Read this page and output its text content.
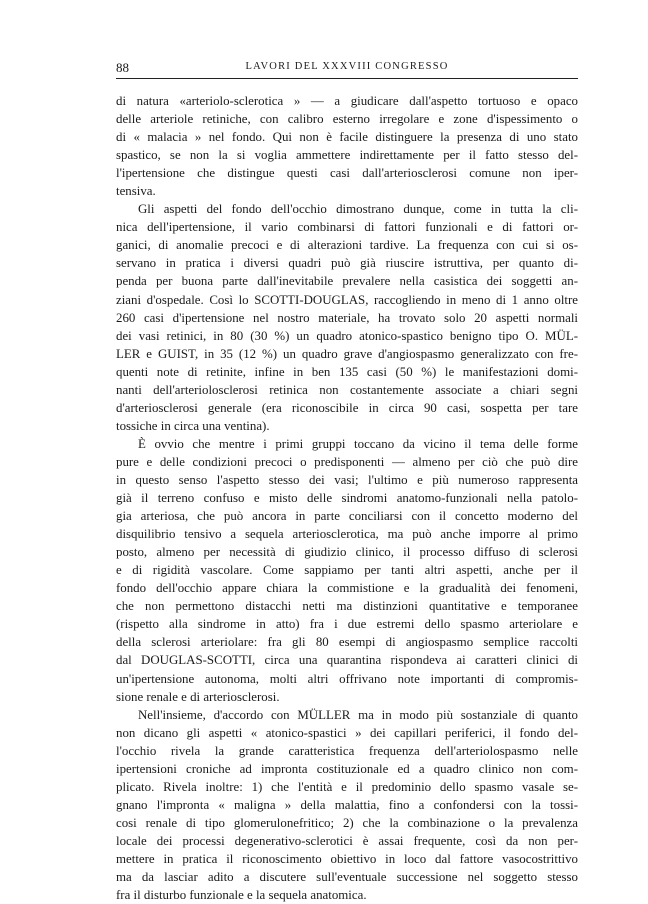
88	LAVORI DEL XXXVIII CONGRESSO
di natura «arteriolo-sclerotica » — a giudicare dall'aspetto tortuoso e opaco
delle arteriole retiniche, con calibro esterno irregolare e zone d'ispessimento o
di « malacia » nel fondo. Qui non è facile distinguere la presenza di uno stato
spastico, se non la si voglia ammettere indirettamente per il fatto stesso del-
l'ipertensione che distingue questi casi dall'arteriosclerosi comune non iper-
tensiva.
Gli aspetti del fondo dell'occhio dimostrano dunque, come in tutta la cli-
nica dell'ipertensione, il vario combinarsi di fattori funzionali e di fattori or-
ganici, di anomalie precoci e di alterazioni tardive. La frequenza con cui si os-
servano in pratica i diversi quadri può già riuscire istruttiva, per quanto di-
penda per buona parte dall'inevitabile prevalere nella casistica dei soggetti an-
ziani d'ospedale. Così lo SCOTTI-DOUGLAS, raccogliendo in meno di 1 anno oltre
260 casi d'ipertensione nel nostro materiale, ha trovato solo 20 aspetti normali
dei vasi retinici, in 80 (30 %) un quadro atonico-spastico benigno tipo O. MÜL-
LER e GUIST, in 35 (12 %) un quadro grave d'angiospasmo generalizzato con fre-
quenti note di retinite, infine in ben 135 casi (50 %) le manifestazioni domi-
nanti dell'arteriolosclerosi retinica non costantemente associate a chiari segni
d'arteriosclerosi generale (era riconoscibile in circa 90 casi, sospetta per tare
tossiche in circa una ventina).
È ovvio che mentre i primi gruppi toccano da vicino il tema delle forme
pure e delle condizioni precoci o predisponenti — almeno per ciò che può dire
in questo senso l'aspetto stesso dei vasi; l'ultimo e più numeroso rappresenta
già il terreno confuso e misto delle sindromi anatomo-funzionali nella patolo-
gia arteriosa, che può ancora in parte conciliarsi con il concetto moderno del
disquilibrio tensivo a sequela arteriosclerotica, ma può anche imporre al primo
posto, almeno per necessità di giudizio clinico, il processo diffuso di sclerosi
e di rigidità vascolare. Come sappiamo per tanti altri aspetti, anche per il
fondo dell'occhio appare chiara la commistione e la gradualità dei fenomeni,
che non permettono distacchi netti ma distinzioni quantitative e temporanee
(rispetto alla sindrome in atto) fra i due estremi dello spasmo arteriolare e
della sclerosi arteriolare: fra gli 80 esempi di angiospasmo semplice raccolti
dal DOUGLAS-SCOTTI, circa una quarantina rispondeva ai caratteri clinici di
un'ipertensione autonoma, molti altri offrivano note importanti di compromis-
sione renale e di arteriosclerosi.
Nell'insieme, d'accordo con MÜLLER ma in modo più sostanziale di quanto
non dicano gli aspetti « atonico-spastici » dei capillari periferici, il fondo del-
l'occhio rivela la grande caratteristica frequenza dell'arteriolospasmo nelle
ipertensioni croniche ad impronta costituzionale ed a quadro clinico non com-
plicato. Rivela inoltre: 1) che l'entità e il predominio dello spasmo vasale se-
gnano l'impronta « maligna » della malattia, fino a confondersi con la tossi-
cosi renale di tipo glomerulonefritico; 2) che la combinazione o la prevalenza
locale dei processi degenerativo-sclerotici è assai frequente, così da non per-
mettere in pratica il riconoscimento obiettivo in loco dal fattore vasocostrittivo
ma da lasciar adito a discutere sull'eventuale successione nel soggetto stesso
fra il disturbo funzionale e la sequela anatomica.
